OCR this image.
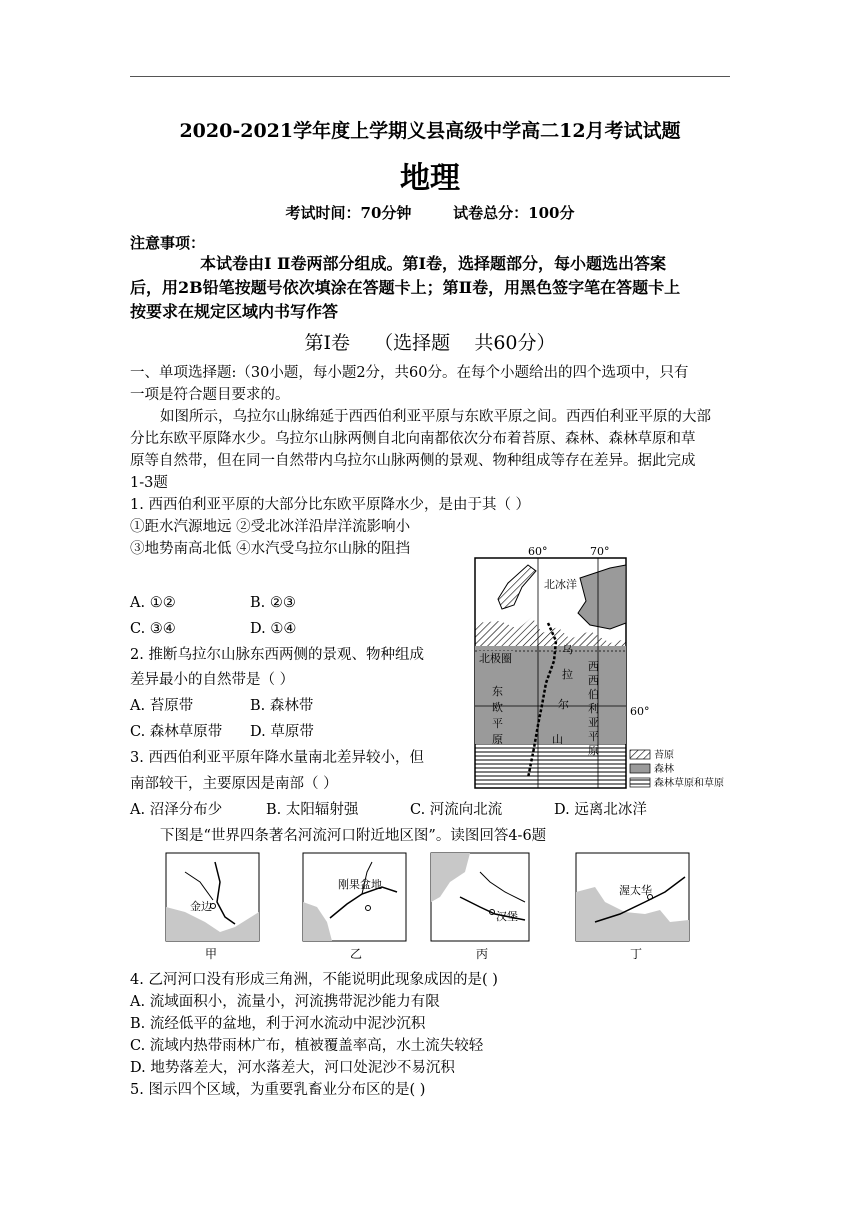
2020-2021学年度上学期义县高级中学高二12月考试试题
地理
考试时间：70分钟        试卷总分：100分
注意事项：

本试卷由Ⅰ Ⅱ卷两部分组成。第Ⅰ卷，选择题部分，每小题选出答案

后，用2B铅笔按题号依次填涂在答题卡上；第Ⅱ卷，用黑色签字笔在答题卡上

按要求在规定区域内书写作答

第Ⅰ卷    （选择题    共60分）

一、单项选择题:（30小题，每小题2分，共60分。在每个小题给出的四个选项中，只有

一项是符合题目要求的。

如图所示，乌拉尔山脉绵延于西西伯利亚平原与东欧平原之间。西西伯利亚平原的大部

分比东欧平原降水少。乌拉尔山脉两侧自北向南都依次分布着苔原、森林、森林草原和草

原等自然带，但在同一自然带内乌拉尔山脉两侧的景观、物种组成等存在差异。据此完成

1-3题

1. 西西伯利亚平原的大部分比东欧平原降水少，是由于其（ ）

①距水汽源地远 ②受北冰洋沿岸洋流影响小

③地势南高北低 ④水汽受乌拉尔山脉的阻挡

A. ①②	B. ②③
C. ③④	D. ①④
2. 推断乌拉尔山脉东西两侧的景观、物种组成
差异最小的自然带是（ ）
A. 苔原带	B. 森林带
C. 森林草原带 D. 草原带
3. 西西伯利亚平原年降水量南北差异较小，但
南部较干，主要原因是南部（ ）
A. 沼泽分布少	B. 太阳辐射强	C. 河流向北流	D. 远离北冰洋
60°	70°
60°
北冰洋
北极圈
乌
拉
尔
山
东
欧
平
原
西
西
伯
利
亚
平
原	苔原
森林
森林草原和草原
下图是“世界四条著名河流河口附近地区图”。读图回答4-6题
金边
刚果盆地
汉堡
渥太华
甲	乙	丙	丁

4. 乙河河口没有形成三角洲，不能说明此现象成因的是( )

A. 流域面积小，流量小，河流携带泥沙能力有限

B. 流经低平的盆地，利于河水流动中泥沙沉积

C. 流域内热带雨林广布，植被覆盖率高，水土流失较轻

D. 地势落差大，河水落差大，河口处泥沙不易沉积

5. 图示四个区域，为重要乳畜业分布区的是( )
